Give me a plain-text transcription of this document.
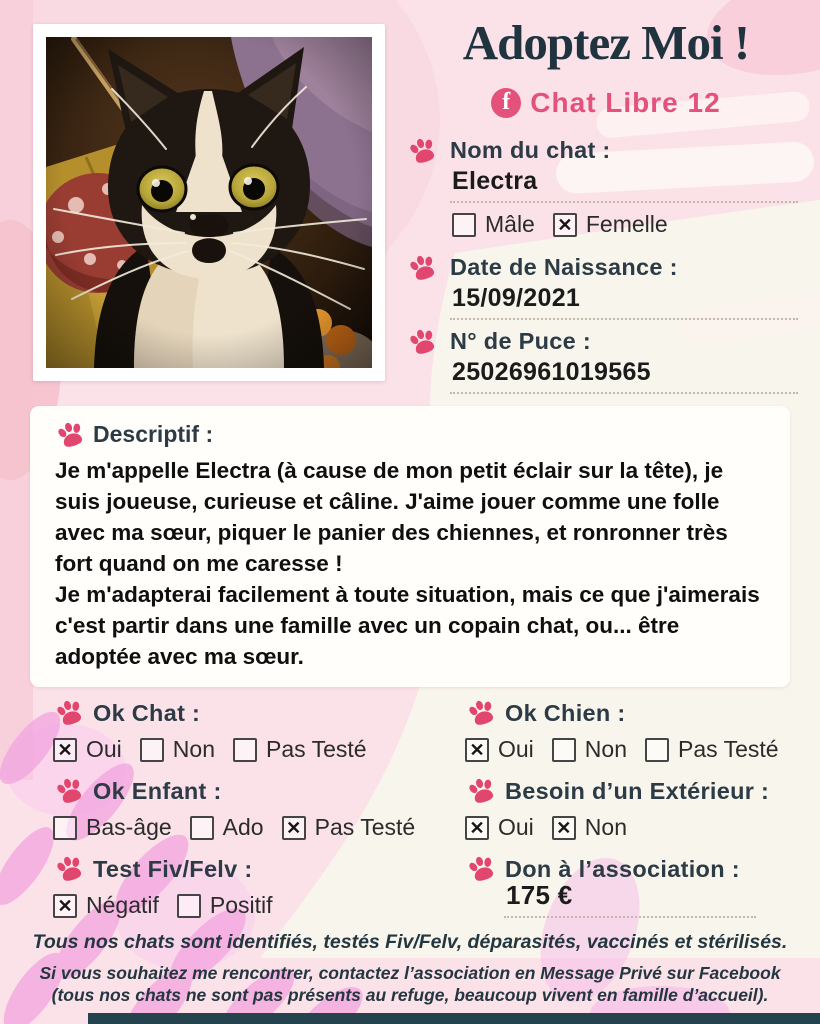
Adoptez Moi !
f Chat Libre 12
Nom du chat :
Electra
Mâle ✕ Femelle
Date de Naissance :
15/09/2021
N° de Puce :
25026961019565
Descriptif :

Je m'appelle Electra (à cause de mon petit éclair sur la tête), je suis joueuse, curieuse et câline. J'aime jouer comme une folle avec ma sœur, piquer le panier des chiennes, et ronronner très fort quand on me caresse !

Je m'adapterai facilement à toute situation, mais ce que j'aimerais c'est partir dans une famille avec un copain chat, ou... être adoptée avec ma sœur.

Ok Chat :
✕
Oui Non Pas Testé
Ok Enfant :
Bas-âge Ado ✕ Pas Testé
Test Fiv/Felv :
✕
Négatif Positif
Ok Chien :
✕
Oui Non Pas Testé
Besoin d’un Extérieur :
✕
Oui ✕ Non
Don à l’association :
175 €
Tous nos chats sont identifiés, testés Fiv/Felv, déparasités, vaccinés et stérilisés.
Si vous souhaitez me rencontrer, contactez l’association en Message Privé sur Facebook
(tous nos chats ne sont pas présents au refuge, beaucoup vivent en famille d’accueil).
